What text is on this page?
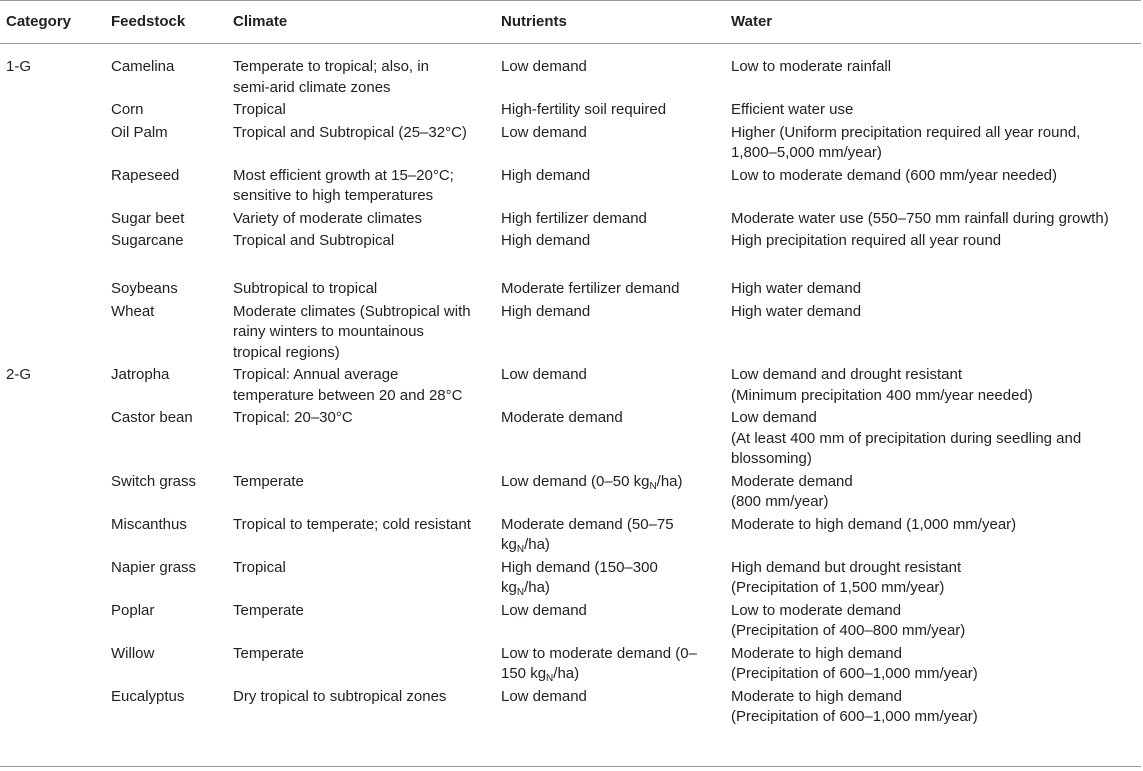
Category	Feedstock	Climate	Nutrients	Water
1-G	Camelina	Temperate to tropical; also, in semi-arid climate zones	Low demand	Low to moderate rainfall
	Corn	Tropical	High-fertility soil required	Efficient water use
	Oil Palm	Tropical and Subtropical (25–32°C)	Low demand	Higher (Uniform precipitation required all year round, 1,800–5,000 mm/year)
	Rapeseed	Most efficient growth at 15–20°C; sensitive to high temperatures	High demand	Low to moderate demand (600 mm/year needed)
	Sugar beet	Variety of moderate climates	High fertilizer demand	Moderate water use (550–750 mm rainfall during growth)
	Sugarcane	Tropical and Subtropical	High demand	High precipitation required all year round
	Soybeans	Subtropical to tropical	Moderate fertilizer demand	High water demand
	Wheat	Moderate climates (Subtropical with rainy winters to mountainous tropical regions)	High demand	High water demand
2-G	Jatropha	Tropical: Annual average temperature between 20 and 28°C	Low demand	Low demand and drought resistant
(Minimum precipitation 400 mm/year needed)

	Castor bean	Tropical: 20–30°C	Moderate demand	Low demand
(At least 400 mm of precipitation during seedling and blossoming)

	Switch grass	Temperate	Low demand (0–50 $kg_N/ha$)	Moderate demand
(800 mm/year)

	Miscanthus	Tropical to temperate; cold resistant	Moderate demand (50–75 $kg_N/ha$)	Moderate to high demand (1,000 mm/year)
	Napier grass	Tropical	High demand (150–300 $kg_N/ha$)	High demand but drought resistant
(Precipitation of 1,500 mm/year)

	Poplar	Temperate	Low demand	Low to moderate demand
(Precipitation of 400–800 mm/year)

	Willow	Temperate	Low to moderate demand (0–150 $kg_N/ha$)	Moderate to high demand
(Precipitation of 600–1,000 mm/year)

	Eucalyptus	Dry tropical to subtropical zones	Low demand	Moderate to high demand
(Precipitation of 600–1,000 mm/year)
